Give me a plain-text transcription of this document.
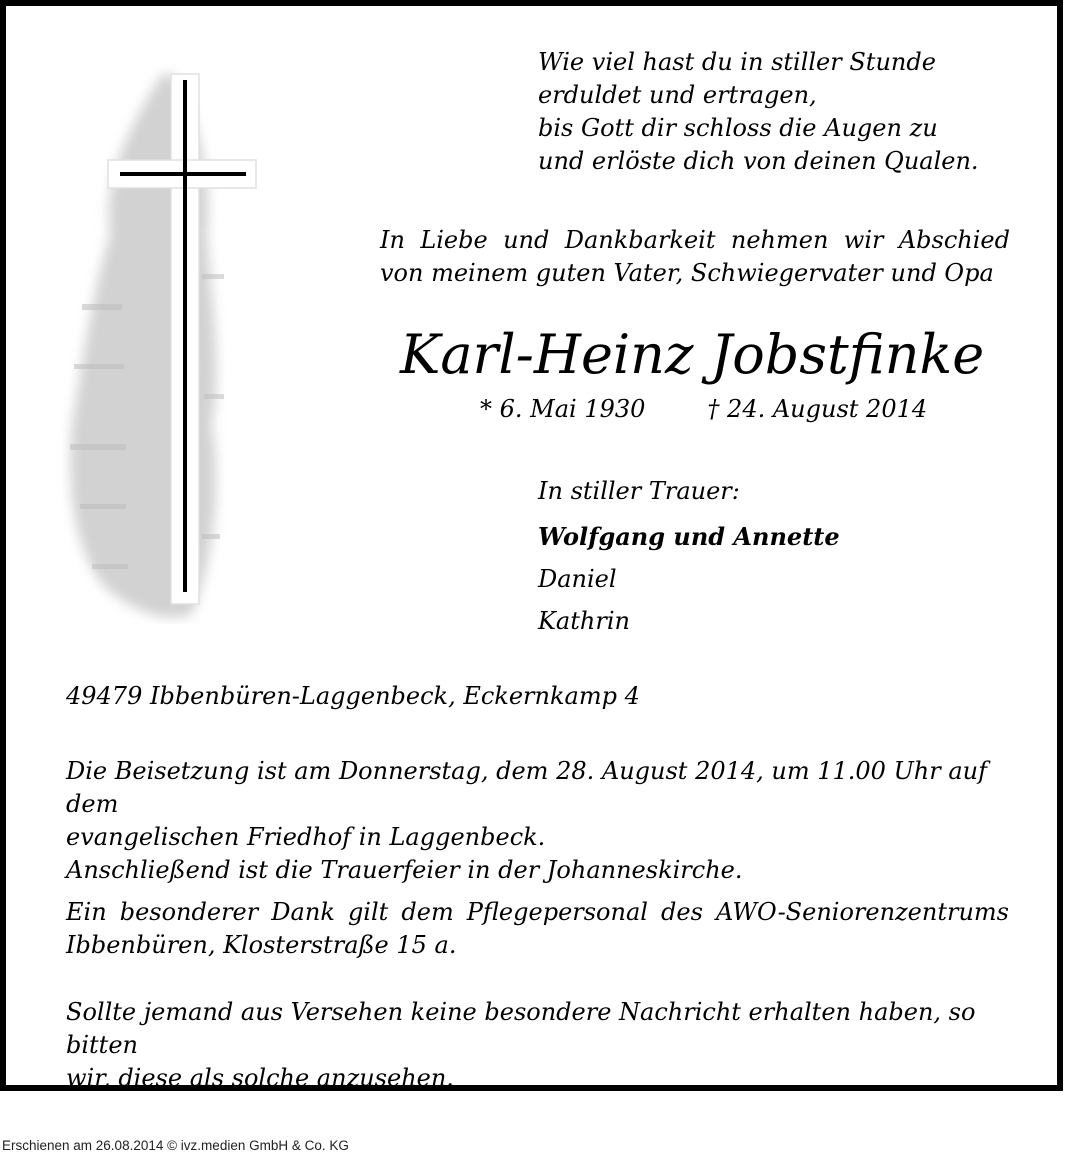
Wie viel hast du in stiller Stunde
erduldet und ertragen,
bis Gott dir schloss die Augen zu
und erlöste dich von deinen Qualen.
In Liebe und Dankbarkeit nehmen wir Abschied
von meinem guten Vater, Schwiegervater und Opa
Karl-Heinz Jobstfinke
* 6. Mai 1930	† 24. August 2014
In stiller Trauer:
Wolfgang und Annette
Daniel
Kathrin
49479 Ibbenbüren-Laggenbeck, Eckernkamp 4
Die Beisetzung ist am Donnerstag, dem 28. August 2014, um 11.00 Uhr auf dem
evangelischen Friedhof in Laggenbeck.
Anschließend ist die Trauerfeier in der Johanneskirche.
Ein besonderer Dank gilt dem Pflegepersonal des AWO-Seniorenzentrums
Ibbenbüren, Klosterstraße 15 a.
Sollte jemand aus Versehen keine besondere Nachricht erhalten haben, so bitten
wir, diese als solche anzusehen.
Erschienen am 26.08.2014 © ivz.medien GmbH & Co. KG
